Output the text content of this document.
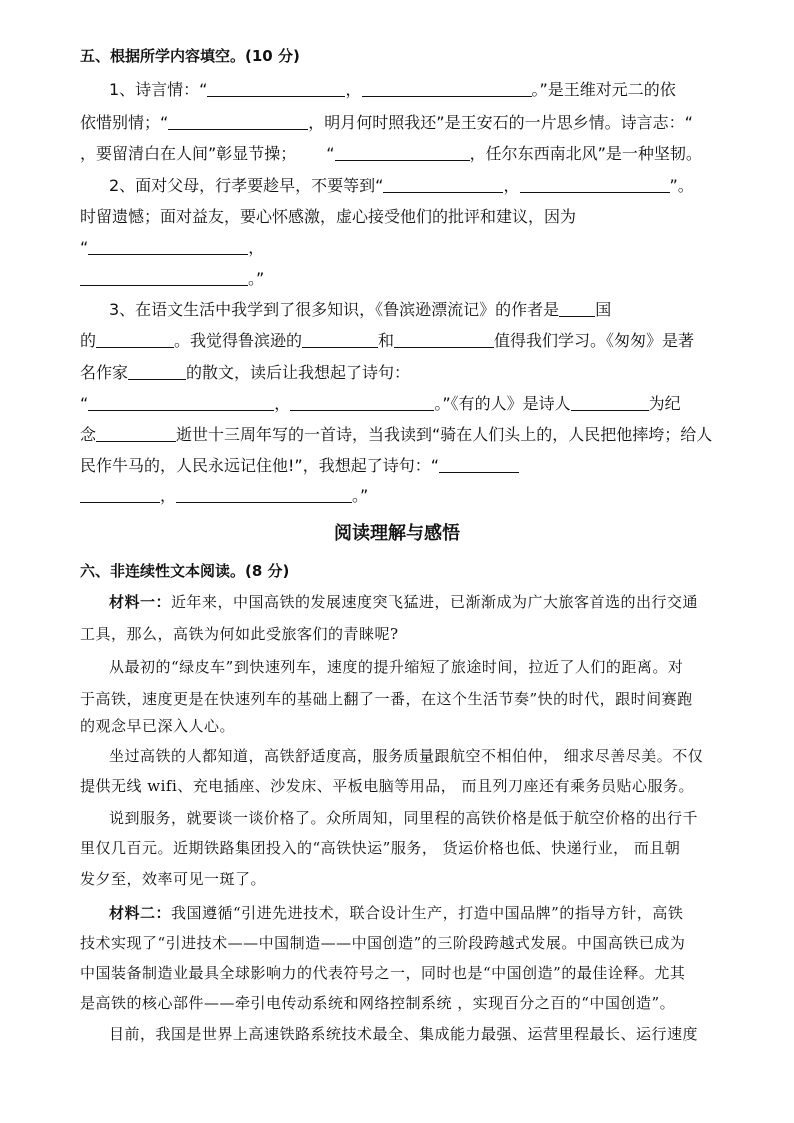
五、根据所学内容填空。(10 分)
1、诗言情：“	，	。”是王维对元二的依
依惜别情；“	，明月何时照我还”是王安石的一片思乡情。诗言志：“
，要留清白在人间”彰显节操； “	，任尔东西南北风”是一种坚韧。
2、面对父母，行孝要趁早，不要等到“	，	”。
时留遗憾；面对益友，要心怀感激，虚心接受他们的批评和建议，因为
“	，
。”
3、在语文生活中我学到了很多知识，《鲁滨逊漂流记》的作者是 国
的	。我觉得鲁滨逊的	和	值得我们学习。《匆匆》是著
名作家	的散文，读后让我想起了诗句：
“	，	。”《有的人》是诗人	为纪
念	逝世十三周年写的一首诗，当我读到“骑在人们头上的，人民把他摔垮；给人
民作牛马的，人民永远记住他!”，我想起了诗句：“
，	。”
阅读理解与感悟
六、非连续性文本阅读。(8 分)
材料一：近年来，中国高铁的发展速度突飞猛进，已渐渐成为广大旅客首选的出行交通
工具，那么，高铁为何如此受旅客们的青睐呢?
从最初的“绿皮车”到快速列车，速度的提升缩短了旅途时间，拉近了人们的距离。对
于高铁，速度更是在快速列车的基础上翻了一番，在这个生活节奏”快的时代，跟时间赛跑
的观念早已深入人心。
坐过高铁的人都知道，高铁舒适度高，服务质量跟航空不相伯仲， 细求尽善尽美。不仅
提供无线 wifi、充电插座、沙发床、平板电脑等用品， 而且列刀座还有乘务员贴心服务。
说到服务，就要谈一谈价格了。众所周知，同里程的高铁价格是低于航空价格的出行千
里仅几百元。近期铁路集团投入的“高铁快运”服务， 货运价格也低、快递行业， 而且朝
发夕至，效率可见一斑了。
材料二：我国遵循“引进先进技术，联合设计生产，打造中国品牌”的指导方针，高铁
技术实现了“引进技术——中国制造——中国创造”的三阶段跨越式发展。中国高铁已成为
中国装备制造业最具全球影响力的代表符号之一，同时也是“中国创造”的最佳诠释。尤其
是高铁的核心部件——牵引电传动系统和网络控制系统 ，实现百分之百的“中国创造”。
目前，我国是世界上高速铁路系统技术最全、集成能力最强、运营里程最长、运行速度
